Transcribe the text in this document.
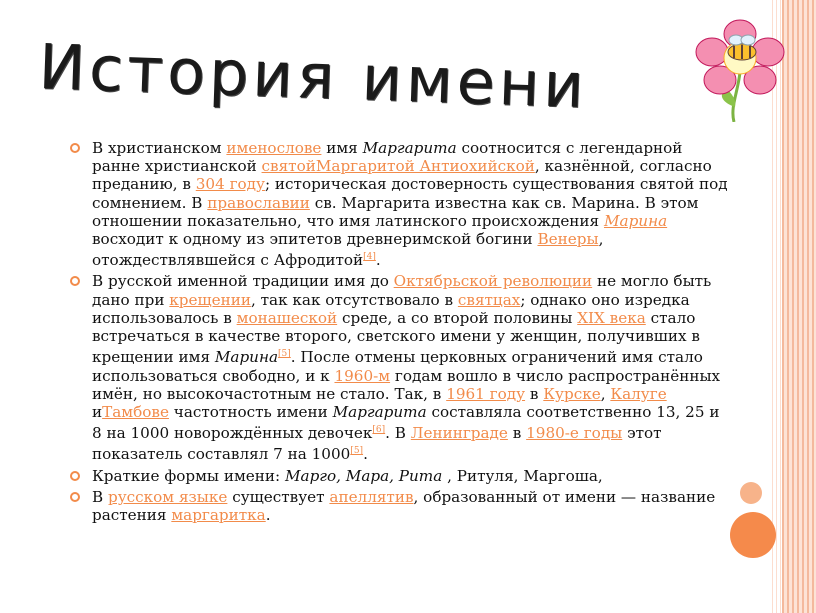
История имени

В христианском именослове имя Маргарита соотносится с легендарной ранне христианской святойМаргаритой Антиохийской, казнённой, согласно преданию, в 304 году; историческая достоверность существования святой под сомнением. В православии св. Маргарита известна как св. Марина. В этом отношении показательно, что имя латинского происхождения Марина восходит к одному из эпитетов древнеримской богини Венеры, отождествлявшейся с Афродитой[4].

В русской именной традиции имя до Октябрьской революции не могло быть дано при крещении, так как отсутствовало в святцах; однако оно изредка использовалось в монашеской среде, а со второй половины XIX века стало встречаться в качестве второго, светского имени у женщин, получивших в крещении имя Марина[5]. После отмены церковных ограничений имя стало использоваться свободно, и к 1960-м годам вошло в число распространённых имён, но высокочастотным не стало. Так, в 1961 году в Курске, Калуге иТамбове частотность имени Маргарита составляла соответственно 13, 25 и 8 на 1000 новорождённых девочек[6]. В Ленинграде в 1980-е годы этот показатель составлял 7 на 1000[5].

Краткие формы имени: Марго, Мара, Рита , Ритуля, Маргоша,

В русском языке существует апеллятив, образованный от имени — название растения маргаритка.
